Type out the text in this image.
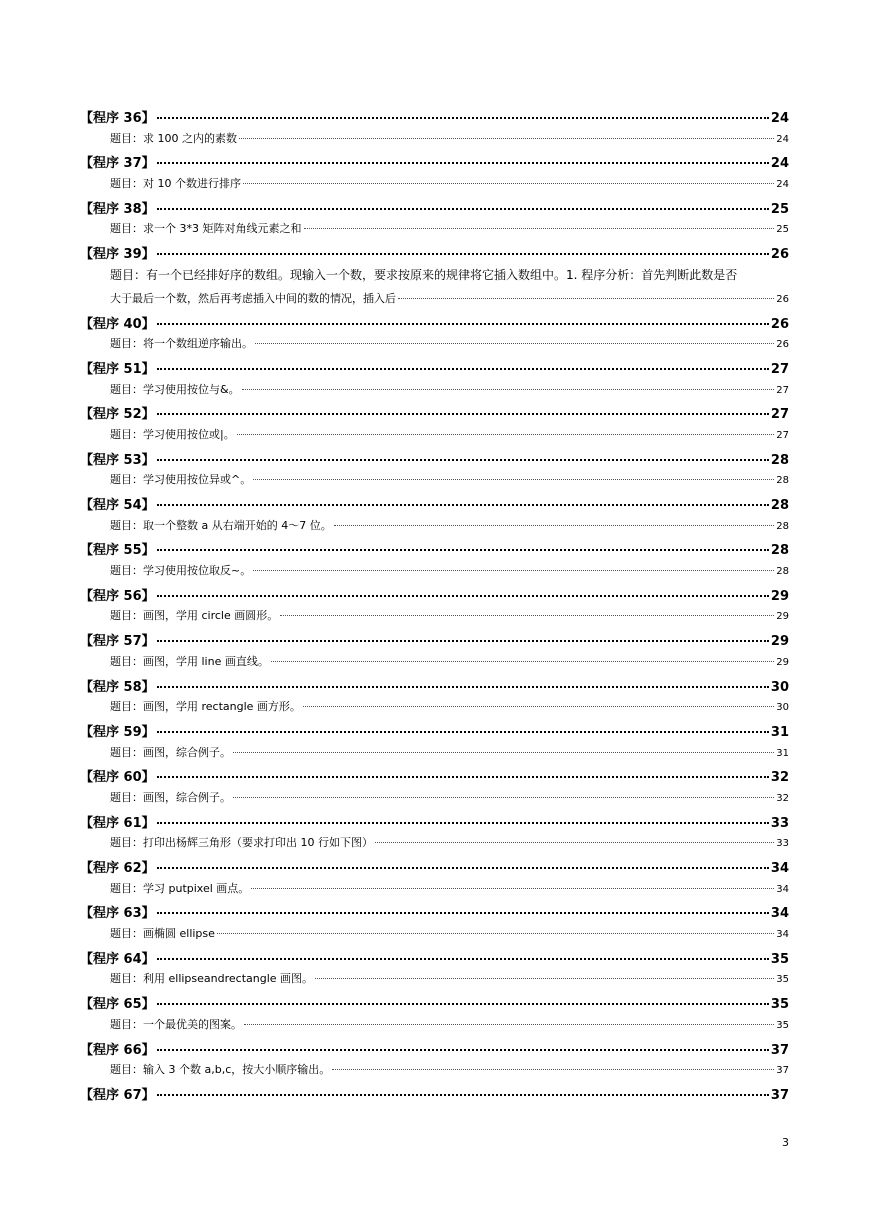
【程序 36】	24
题目：求 100 之内的素数	24
【程序 37】	24
题目：对 10 个数进行排序	24
【程序 38】	25
题目：求一个 3*3 矩阵对角线元素之和	25
【程序 39】	26
题目：有一个已经排好序的数组。现输入一个数，要求按原来的规律将它插入数组中。1. 程序分析：首先判断此数是否
大于最后一个数，然后再考虑插入中间的数的情况，插入后	26
【程序 40】	26
题目：将一个数组逆序输出。	26
【程序 51】	27
题目：学习使用按位与&。	27
【程序 52】	27
题目：学习使用按位或|。	27
【程序 53】	28
题目：学习使用按位异或^。	28
【程序 54】	28
题目：取一个整数 a 从右端开始的 4～7 位。	28
【程序 55】	28
题目：学习使用按位取反~。	28
【程序 56】	29
题目：画图，学用 circle 画圆形。	29
【程序 57】	29
题目：画图，学用 line 画直线。	29
【程序 58】	30
题目：画图，学用 rectangle 画方形。	30
【程序 59】	31
题目：画图，综合例子。	31
【程序 60】	32
题目：画图，综合例子。	32
【程序 61】	33
题目：打印出杨辉三角形（要求打印出 10 行如下图）	33
【程序 62】	34
题目：学习 putpixel 画点。	34
【程序 63】	34
题目：画椭圆 ellipse	34
【程序 64】	35
题目：利用 ellipseandrectangle 画图。	35
【程序 65】	35
题目：一个最优美的图案。	35
【程序 66】	37
题目：输入 3 个数 a,b,c，按大小顺序输出。	37
【程序 67】	37
3
